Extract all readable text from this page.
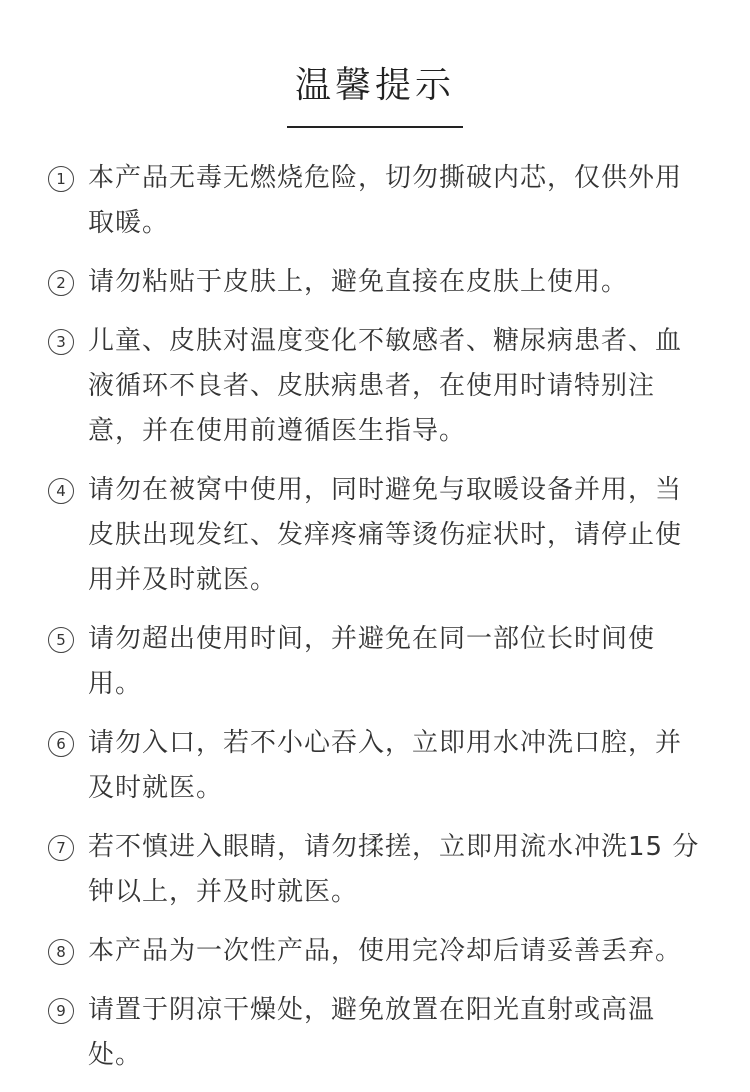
温馨提示
1 本产品无毒无燃烧危险，切勿撕破内芯，仅供外用取暖。
2 请勿粘贴于皮肤上，避免直接在皮肤上使用。
3 儿童、皮肤对温度变化不敏感者、糖尿病患者、血液循环不良者、皮肤病患者，在使用时请特别注意，并在使用前遵循医生指导。
4 请勿在被窝中使用，同时避免与取暖设备并用，当皮肤出现发红、发痒疼痛等烫伤症状时，请停止使用并及时就医。
5 请勿超出使用时间，并避免在同一部位长时间使用。
6 请勿入口，若不小心吞入，立即用水冲洗口腔，并及时就医。
7 若不慎进入眼睛，请勿揉搓，立即用流水冲洗15 分钟以上，并及时就医。
8 本产品为一次性产品，使用完冷却后请妥善丢弃。
9 请置于阴凉干燥处，避免放置在阳光直射或高温处。
